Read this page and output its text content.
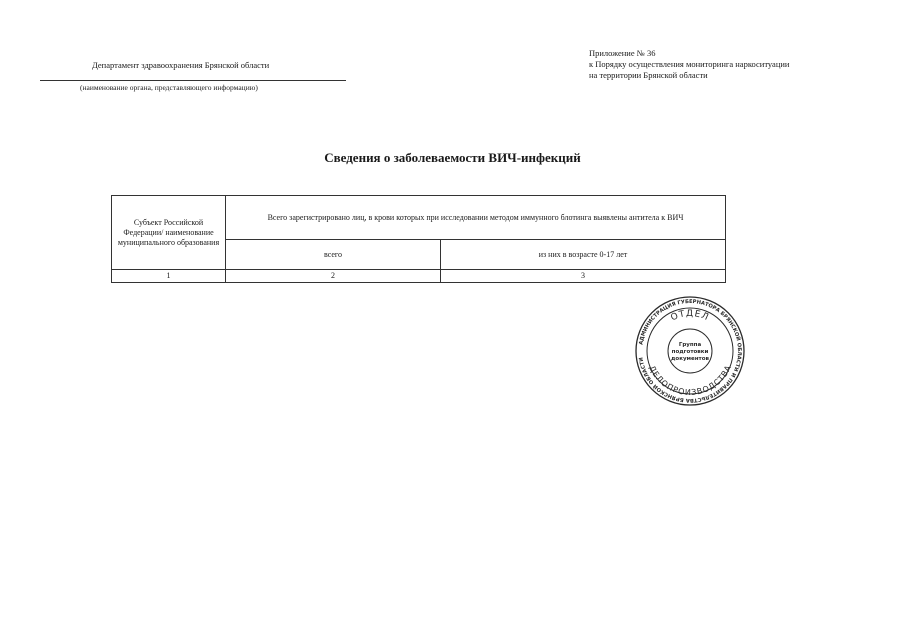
Департамент здравоохранения Брянской области
(наименование органа, представляющего информацию)
Приложение № 36
к Порядку осуществления мониторинга наркоситуации
на территории Брянской области
Сведения о заболеваемости ВИЧ-инфекций
Субъект Российской Федерации/ наименование муниципального образования	Всего зарегистрировано лиц, в крови которых при исследовании методом иммунного блотинга выявлены антитела к ВИЧ	
	всего	из них в возрасте 0-17 лет
1	2	3
АДМИНИСТРАЦИЯ ГУБЕРНАТОРА БРЯНСКОЙ ОБЛАСТИ И ПРАВИТЕЛЬСТВА БРЯНСКОЙ ОБЛАСТИ
ОТДЕЛ
ДЕЛОПРОИЗВОДСТВА
Группа
подготовки
документов
